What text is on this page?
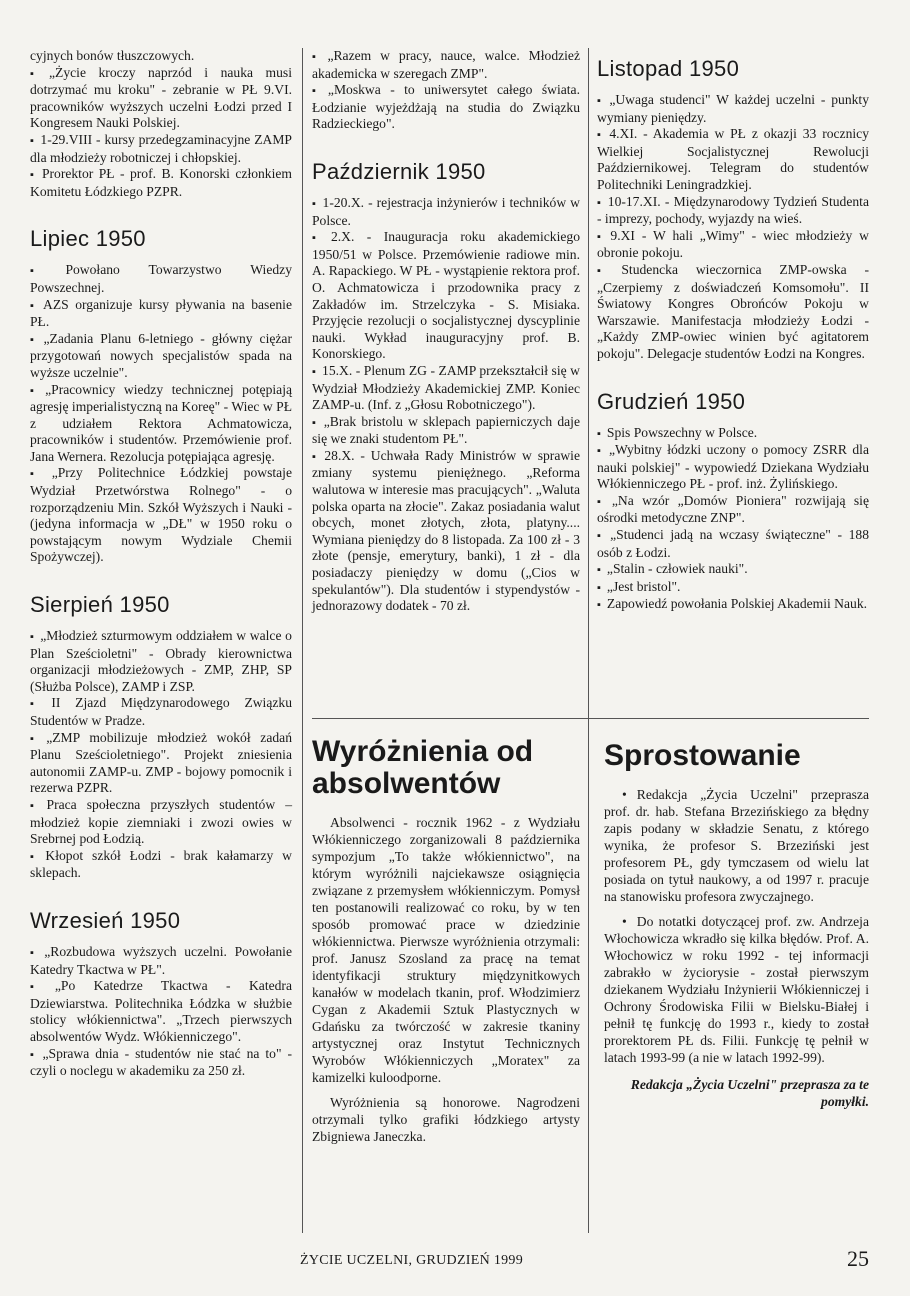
cyjnych bonów tłuszczowych.

▪ „Życie kroczy naprzód i nauka musi dotrzymać mu kroku" - zebranie w PŁ 9.VI. pracowników wyższych uczelni Łodzi przed I Kongresem Nauki Polskiej.

▪ 1-29.VIII - kursy przedegzaminacyjne ZAMP dla młodzieży robotniczej i chłopskiej.

▪ Prorektor PŁ - prof. B. Konorski członkiem Komitetu Łódzkiego PZPR.

Lipiec 1950

▪ Powołano Towarzystwo Wiedzy Powszechnej.

▪ AZS organizuje kursy pływania na basenie PŁ.

▪ „Zadania Planu 6-letniego - główny ciężar przygotowań nowych specjalistów spada na wyższe uczelnie".

▪ „Pracownicy wiedzy technicznej potępiają agresję imperialistyczną na Koreę" - Wiec w PŁ z udziałem Rektora Achmatowicza, pracowników i studentów. Przemówienie prof. Jana Wernera. Rezolucja potępiająca agresję.

▪ „Przy Politechnice Łódzkiej powstaje Wydział Przetwórstwa Rolnego" - o rozporządzeniu Min. Szkół Wyższych i Nauki - (jedyna informacja w „DŁ" w 1950 roku o powstającym nowym Wydziale Chemii Spożywczej).

Sierpień 1950

▪ „Młodzież szturmowym oddziałem w walce o Plan Sześcioletni" - Obrady kierownictwa organizacji młodzieżowych - ZMP, ZHP, SP (Służba Polsce), ZAMP i ZSP.

▪ II Zjazd Międzynarodowego Związku Studentów w Pradze.

▪ „ZMP mobilizuje młodzież wokół zadań Planu Sześcioletniego". Projekt zniesienia autonomii ZAMP-u. ZMP - bojowy pomocnik i rezerwa PZPR.

▪ Praca społeczna przyszłych studentów – młodzież kopie ziemniaki i zwozi owies w Srebrnej pod Łodzią.

▪ Kłopot szkół Łodzi - brak kałamarzy w sklepach.

Wrzesień 1950

▪ „Rozbudowa wyższych uczelni. Powołanie Katedry Tkactwa w PŁ".

▪ „Po Katedrze Tkactwa - Katedra Dziewiarstwa. Politechnika Łódzka w służbie stolicy włókiennictwa". „Trzech pierwszych absolwentów Wydz. Włókienniczego".

▪ „Sprawa dnia - studentów nie stać na to" - czyli o noclegu w akademiku za 250 zł.

▪ „Razem w pracy, nauce, walce. Młodzież akademicka w szeregach ZMP".

▪ „Moskwa - to uniwersytet całego świata. Łodzianie wyjeżdżają na studia do Związku Radzieckiego".

Październik 1950

▪ 1-20.X. - rejestracja inżynierów i techników w Polsce.

▪ 2.X. - Inauguracja roku akademickiego 1950/51 w Polsce. Przemówienie radiowe min. A. Rapackiego. W PŁ - wystąpienie rektora prof. O. Achmatowicza i przodownika pracy z Zakładów im. Strzelczyka - S. Misiaka. Przyjęcie rezolucji o socjalistycznej dyscyplinie nauki. Wykład inauguracyjny prof. B. Konorskiego.

▪ 15.X. - Plenum ZG - ZAMP przekształcił się w Wydział Młodzieży Akademickiej ZMP. Koniec ZAMP-u. (Inf. z „Głosu Robotniczego").

▪ „Brak bristolu w sklepach papierniczych daje się we znaki studentom PŁ".

▪ 28.X. - Uchwała Rady Ministrów w sprawie zmiany systemu pieniężnego. „Reforma walutowa w interesie mas pracujących". „Waluta polska oparta na złocie". Zakaz posiadania walut obcych, monet złotych, złota, platyny.... Wymiana pieniędzy do 8 listopada. Za 100 zł - 3 złote (pensje, emerytury, banki), 1 zł - dla posiadaczy pieniędzy w domu („Cios w spekulantów"). Dla studentów i stypendystów - jednorazowy dodatek - 70 zł.

Wyróżnienia od absolwentów

Absolwenci - rocznik 1962 - z Wydziału Włókienniczego zorganizowali 8 października sympozjum „To także włókiennictwo", na którym wyróżnili najciekawsze osiągnięcia związane z przemysłem włókienniczym. Pomysł ten postanowili realizować co roku, by w ten sposób promować prace w dziedzinie włókiennictwa. Pierwsze wyróżnienia otrzymali: prof. Janusz Szosland za pracę na temat identyfikacji struktury międzynitkowych kanałów w modelach tkanin, prof. Włodzimierz Cygan z Akademii Sztuk Plastycznych w Gdańsku za twórczość w zakresie tkaniny artystycznej oraz Instytut Technicznych Wyrobów Włókienniczych „Moratex" za kamizelki kuloodporne.

Wyróżnienia są honorowe. Nagrodzeni otrzymali tylko grafiki łódzkiego artysty Zbigniewa Janeczka.

Listopad 1950

▪ „Uwaga studenci" W każdej uczelni - punkty wymiany pieniędzy.

▪ 4.XI. - Akademia w PŁ z okazji 33 rocznicy Wielkiej Socjalistycznej Rewolucji Październikowej. Telegram do studentów Politechniki Leningradzkiej.

▪ 10-17.XI. - Międzynarodowy Tydzień Studenta - imprezy, pochody, wyjazdy na wieś.

▪ 9.XI - W hali „Wimy" - wiec młodzieży w obronie pokoju.

▪ Studencka wieczornica ZMP-owska - „Czerpiemy z doświadczeń Komsomołu". II Światowy Kongres Obrońców Pokoju w Warszawie. Manifestacja młodzieży Łodzi - „Każdy ZMP-owiec winien być agitatorem pokoju". Delegacje studentów Łodzi na Kongres.

Grudzień 1950

▪ Spis Powszechny w Polsce.

▪ „Wybitny łódzki uczony o pomocy ZSRR dla nauki polskiej" - wypowiedź Dziekana Wydziału Włókienniczego PŁ - prof. inż. Żylińskiego.

▪ „Na wzór „Domów Pioniera" rozwijają się ośrodki metodyczne ZNP".

▪ „Studenci jadą na wczasy świąteczne" - 188 osób z Łodzi.

▪ „Stalin - człowiek nauki".

▪ „Jest bristol".

▪ Zapowiedź powołania Polskiej Akademii Nauk.

Sprostowanie

• Redakcja „Życia Uczelni" przeprasza prof. dr. hab. Stefana Brzezińskiego za błędny zapis podany w składzie Senatu, z którego wynika, że profesor S. Brzeziński jest profesorem PŁ, gdy tymczasem od wielu lat posiada on tytuł naukowy, a od 1997 r. pracuje na stanowisku profesora zwyczajnego.

• Do notatki dotyczącej prof. zw. Andrzeja Włochowicza wkradło się kilka błędów. Prof. A. Włochowicz w roku 1992 - tej informacji zabrakło w życiorysie - został pierwszym dziekanem Wydziału Inżynierii Włókienniczej i Ochrony Środowiska Filii w Bielsku-Białej i pełnił tę funkcję do 1993 r., kiedy to został prorektorem PŁ ds. Filii. Funkcję tę pełnił w latach 1993-99 (a nie w latach 1992-99).

Redakcja „Życia Uczelni" przeprasza za te pomyłki.
ŻYCIE UCZELNI, GRUDZIEŃ 1999	25
